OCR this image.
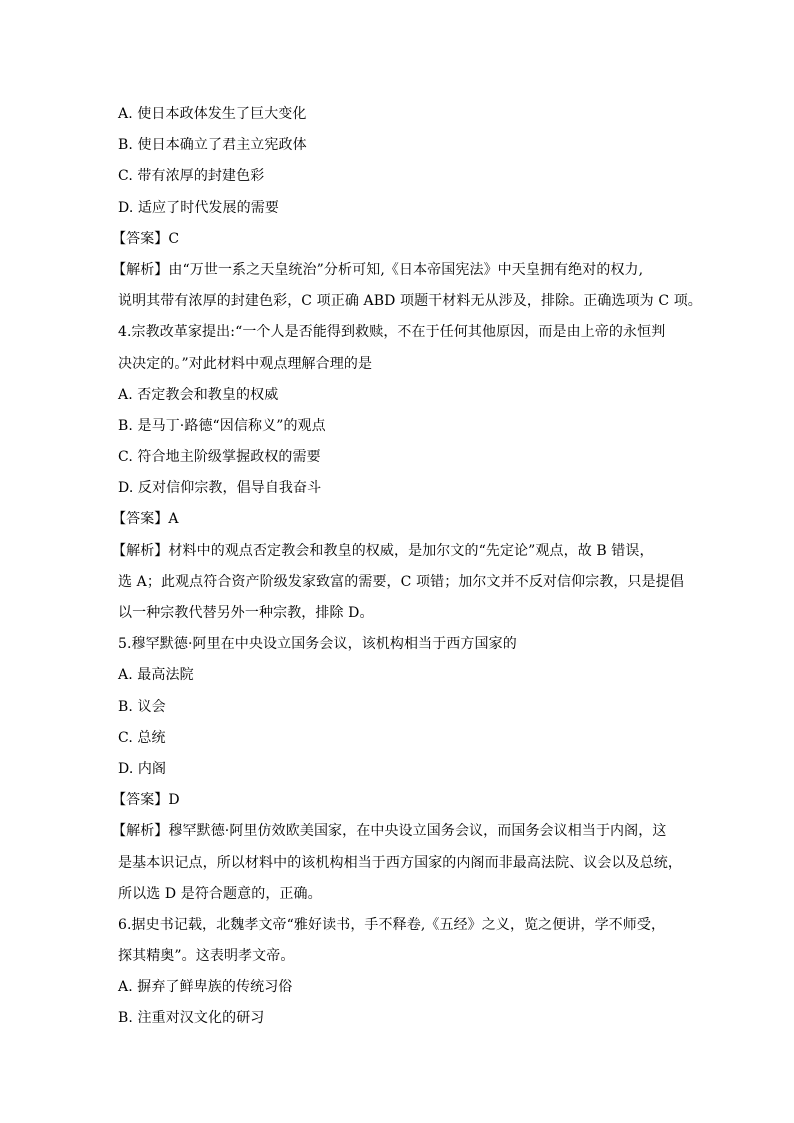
A. 使日本政体发生了巨大变化
B. 使日本确立了君主立宪政体
C. 带有浓厚的封建色彩
D. 适应了时代发展的需要
【答案】C
【解析】由“万世一系之天皇统治”分析可知,《日本帝国宪法》中天皇拥有绝对的权力,
说明其带有浓厚的封建色彩，C 项正确 ABD 项题干材料无从涉及，排除。正确选项为 C 项。
4.宗教改革家提出:“一个人是否能得到救赎，不在于任何其他原因，而是由上帝的永恒判
决决定的。”对此材料中观点理解合理的是
A. 否定教会和教皇的权威
B. 是马丁·路德“因信称义”的观点
C. 符合地主阶级掌握政权的需要
D. 反对信仰宗教，倡导自我奋斗
【答案】A
【解析】材料中的观点否定教会和教皇的权威，是加尔文的“先定论”观点，故 B 错误，
选 A；此观点符合资产阶级发家致富的需要，C 项错；加尔文并不反对信仰宗教，只是提倡
以一种宗教代替另外一种宗教，排除 D。
5.穆罕默德·阿里在中央设立国务会议，该机构相当于西方国家的
A. 最高法院
B. 议会
C. 总统
D. 内阁
【答案】D
【解析】穆罕默德·阿里仿效欧美国家，在中央设立国务会议，而国务会议相当于内阁，这
是基本识记点，所以材料中的该机构相当于西方国家的内阁而非最高法院、议会以及总统，
所以选 D 是符合题意的，正确。
6.据史书记载，北魏孝文帝“雅好读书，手不释卷,《五经》之义，览之便讲，学不师受，
探其精奥”。这表明孝文帝。
A. 摒弃了鲜卑族的传统习俗
B. 注重对汉文化的研习
